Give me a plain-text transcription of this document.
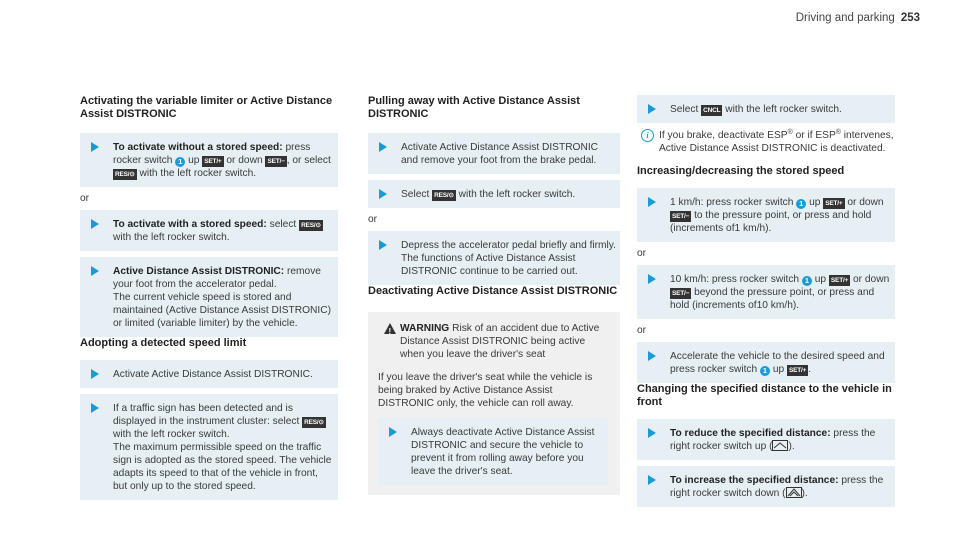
Driving and parking 253
Activating the variable limiter or Active Distance Assist DISTRONIC
To activate without a stored speed: press rocker switch 1 up SET/+ or down SET/− , or select RES/⊙ with the left rocker switch.
or
To activate with a stored speed: select RES/⊙ with the left rocker switch.
Active Distance Assist DISTRONIC: remove your foot from the accelerator pedal.
The current vehicle speed is stored and maintained (Active Distance Assist DISTRONIC) or limited (variable limiter) by the vehicle.
Adopting a detected speed limit
Activate Active Distance Assist DISTRONIC.
If a traffic sign has been detected and is displayed in the instrument cluster: select RES/⊙ with the left rocker switch.
The maximum permissible speed on the traffic sign is adopted as the stored speed. The vehicle adapts its speed to that of the vehicle in front, but only up to the stored speed.
Pulling away with Active Distance Assist DISTRONIC
Activate Active Distance Assist DISTRONIC and remove your foot from the brake pedal.
Select RES/⊙ with the left rocker switch.
or
Depress the accelerator pedal briefly and firmly.
The functions of Active Distance Assist DISTRONIC continue to be carried out.
Deactivating Active Distance Assist DISTRONIC
!
WARNING Risk of an accident due to Active Distance Assist DISTRONIC being active when you leave the driver's seat
If you leave the driver's seat while the vehicle is being braked by Active Distance Assist DISTRONIC only, the vehicle can roll away.
Always deactivate Active Distance Assist DISTRONIC and secure the vehicle to prevent it from rolling away before you leave the driver's seat.
Select CNCL with the left rocker switch.
i	If you brake, deactivate ESP® or if ESP® intervenes, Active Distance Assist DISTRONIC is deactivated.
Increasing/decreasing the stored speed
1 km/h: press rocker switch 1 up SET/+ or down SET/− to the pressure point, or press and hold (increments of1 km/h).
or
10 km/h: press rocker switch 1 up SET/+ or down SET/− beyond the pressure point, or press and hold (increments of10 km/h).
or
Accelerate the vehicle to the desired speed and press rocker switch 1 up SET/+ .
Changing the specified distance to the vehicle in front
To reduce the specified distance: press the right rocker switch up ( ).
To increase the specified distance: press the right rocker switch down ( ).
